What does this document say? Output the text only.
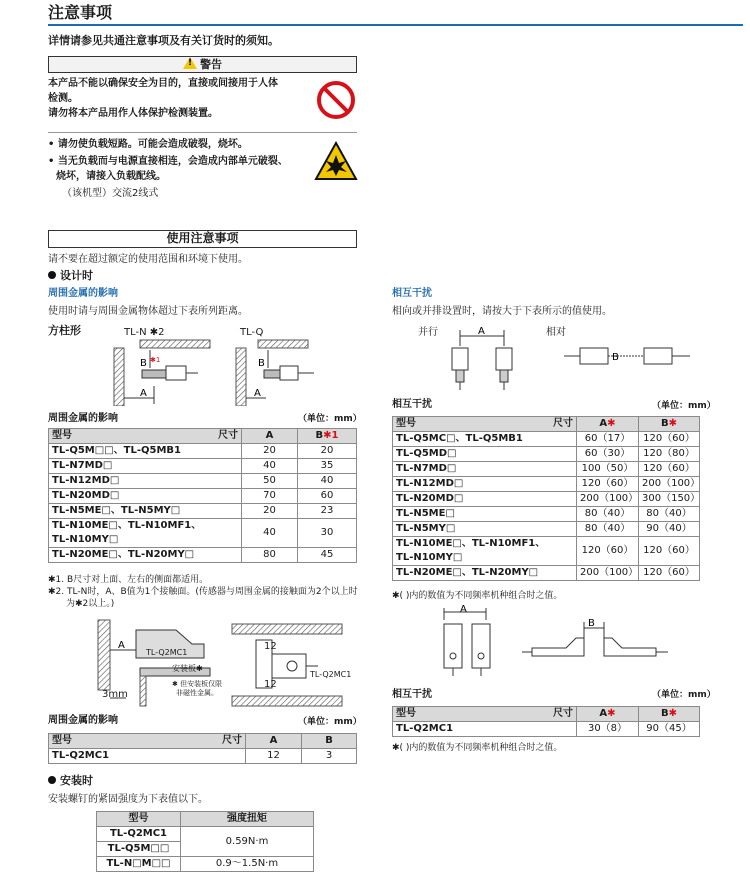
注意事项
详情请参见共通注意事项及有关订货时的须知。
! 警告
本产品不能以确保安全为目的，直接或间接用于人体
检测。
请勿将本产品用作人体保护检测装置。
• 请勿使负载短路。可能会造成破裂，烧坏。
• 当无负载而与电源直接相连，会造成内部单元破裂、
烧坏，请接入负载配线。
（该机型）交流2线式
使用注意事项
请不要在超过额定的使用范围和环境下使用。
设计时
周围金属的影响
使用时请与周围金属物体超过下表所列距离。
方柱形	TL-N ✱2	TL-Q
A
B ✱1
A
B
周围金属的影响	（单位：mm）
型号 尺寸	A	B✱1
TL-Q5M□□、TL-Q5MB1	20	20
TL-N7MD□	40	35
TL-N12MD□	50	40
TL-N20MD□	70	60
TL-N5ME□、TL-N5MY□	20	23

TL-N10ME□、TL-N10MF1、
TL-N10MY□	40	30
TL-N20ME□、TL-N20MY□	80	45
✱1. B尺寸对上面、左右的侧面都适用。
✱2. TL-N时，A、B值为1个接触面。(传感器与周围金属的接触面为2个以上时
为✱2以上。)
A
TL-Q2MC1
安装板✱
✱ 但安装板仅限
非磁性金属。
3mm
12
12
TL-Q2MC1
周围金属的影响	（单位：mm）
型号 尺寸	A	B
TL-Q2MC1	12	3
安装时
安装螺钉的紧固强度为下表值以下。
型号	强度扭矩
TL-Q2MC1	0.59N·m
TL-Q5M□□	
TL-N□M□□	0.9～1.5N·m
相互干扰
相向或并排设置时，请按大于下表所示的值使用。
并行	相对
A
B
相互干扰	（单位：mm）
型号 尺寸	A✱	B✱
TL-Q5MC□、TL-Q5MB1	60（17）	120（60）
TL-Q5MD□	60（30）	120（80）
TL-N7MD□	100（50）	120（60）
TL-N12MD□	120（60）	200（100）
TL-N20MD□	200（100）	300（150）
TL-N5ME□	80（40）	80（40）
TL-N5MY□	80（40）	90（40）

TL-N10ME□、TL-N10MF1、
TL-N10MY□	120（60）	120（60）
TL-N20ME□、TL-N20MY□	200（100）	120（60）
✱( )内的数值为不同频率机种组合时之值。
A
B
相互干扰	（单位：mm）
型号 尺寸	A✱	B✱
TL-Q2MC1	30（8）	90（45）
✱( )内的数值为不同频率机种组合时之值。
